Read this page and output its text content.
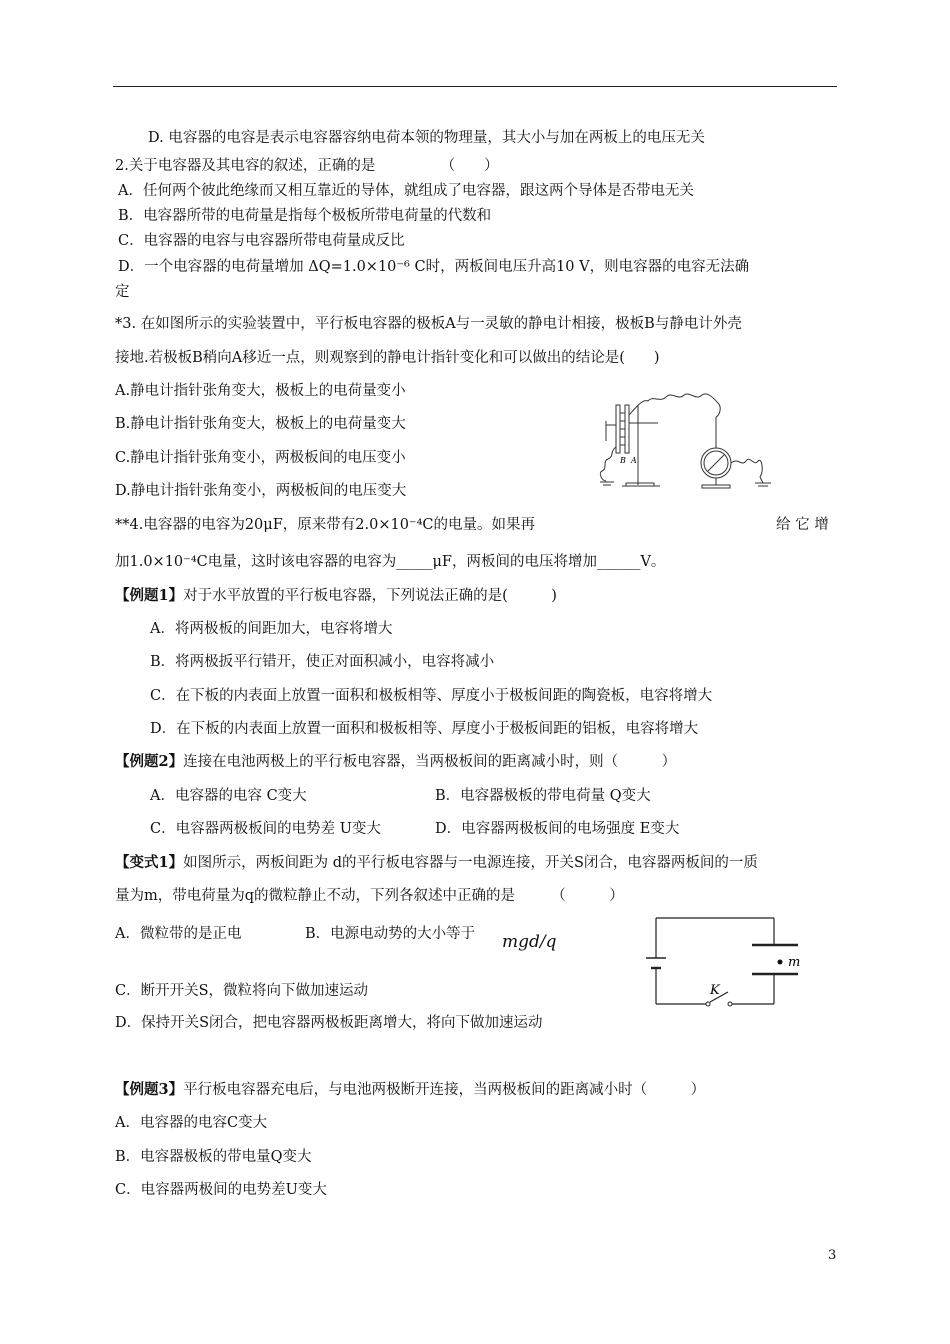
D. 电容器的电容是表示电容器容纳电荷本领的物理量，其大小与加在两板上的电压无关
2.关于电容器及其电容的叙述，正确的是　　　　　（　　）
A．任何两个彼此绝缘而又相互靠近的导体，就组成了电容器，跟这两个导体是否带电无关
B．电容器所带的电荷量是指每个极板所带电荷量的代数和
C．电容器的电容与电容器所带电荷量成反比
D．一个电容器的电荷量增加 ΔQ=1.0×10⁻⁶ C时，两板间电压升高10 V，则电容器的电容无法确
定
*3. 在如图所示的实验装置中，平行板电容器的极板A与一灵敏的静电计相接，极板B与静电计外壳
接地.若极板B稍向A移近一点，则观察到的静电计指针变化和可以做出的结论是(　　)
A.静电计指针张角变大，极板上的电荷量变小
B.静电计指针张角变大，极板上的电荷量变大
C.静电计指针张角变小，两极板间的电压变小
D.静电计指针张角变小，两极板间的电压变大
B A
**4.电容器的电容为20μF，原来带有2.0×10⁻⁴C的电量。如果再	给 它 增
加1.0×10⁻⁴C电量，这时该电容器的电容为_____μF，两板间的电压将增加______V。
【例题1】对于水平放置的平行板电容器，下列说法正确的是(　　　)
A．将两极板的间距加大，电容将增大
B．将两极扳平行错开，使正对面积减小，电容将减小
C．在下板的内表面上放置一面积和极板相等、厚度小于极板间距的陶瓷板，电容将增大
D．在下板的内表面上放置一面积和极板相等、厚度小于极板间距的铝板，电容将增大
【例题2】连接在电池两极上的平行板电容器，当两极板间的距离减小时，则（　　　）
A．电容器的电容 C变大	B．电容器极板的带电荷量 Q变大
C．电容器两极板间的电势差 U变大	D．电容器两极板间的电场强度 E变大
【变式1】如图所示，两板间距为 d的平行板电容器与一电源连接，开关S闭合，电容器两板间的一质
量为m，带电荷量为q的微粒静止不动，下列各叙述中正确的是　　　（　　　）
A．微粒带的是正电	B．电源电动势的大小等于 mgd/q
C．断开开关S，微粒将向下做加速运动
D．保持开关S闭合，把电容器两极板距离增大，将向下做加速运动
m
K
【例题3】平行板电容器充电后，与电池两极断开连接，当两极板间的距离减小时（　　　）
A．电容器的电容C变大
B．电容器极板的带电量Q变大
C．电容器两极间的电势差U变大
3
